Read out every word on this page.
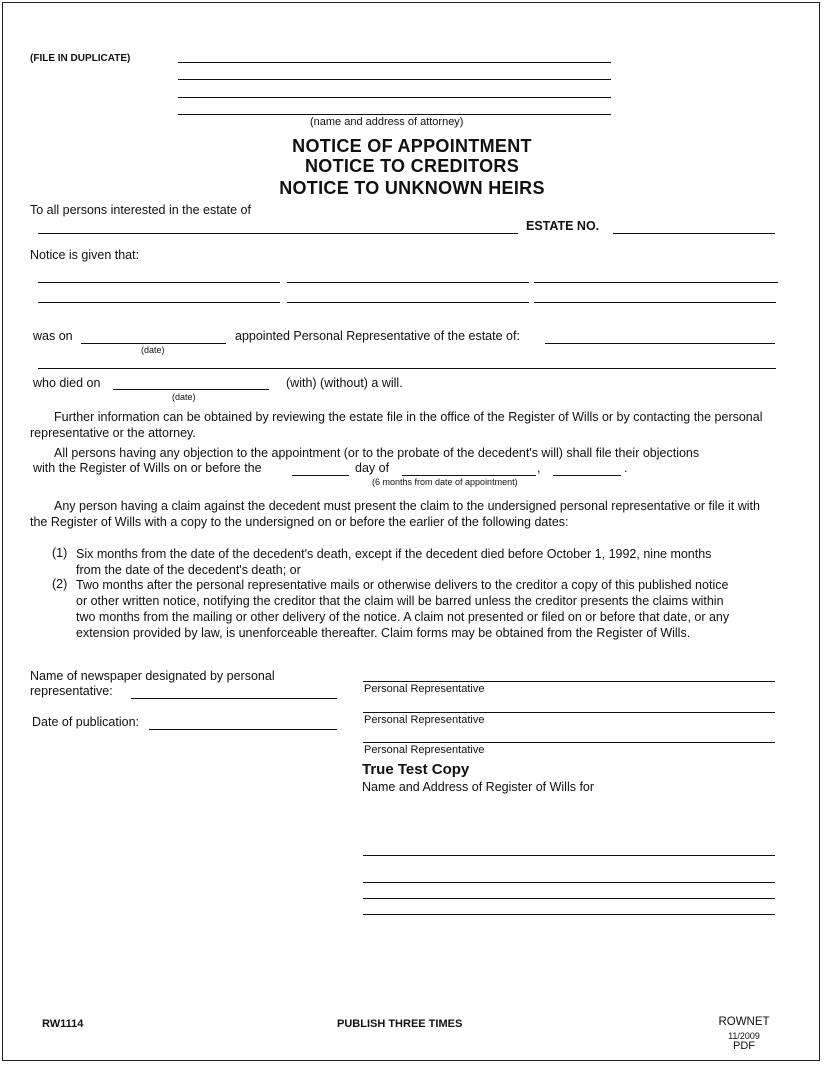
(FILE IN DUPLICATE)
(name and address of attorney)
NOTICE OF APPOINTMENT
NOTICE TO CREDITORS
NOTICE TO UNKNOWN HEIRS
To all persons interested in the estate of
ESTATE NO.
Notice is given that:
was on
(date)
appointed Personal Representative of the estate of:
who died on
(date)
(with) (without) a will.
Further information can be obtained by reviewing the estate file in the office of the Register of Wills or by contacting the personal representative or the attorney.
All persons having any objection to the appointment (or to the probate of the decedent's will) shall file their objections
with the Register of Wills on or before the	day of	,	.
(6 months from date of appointment)
Any person having a claim against the decedent must present the claim to the undersigned personal representative or file it with the Register of Wills with a copy to the undersigned on or before the earlier of the following dates:
(1) Six months from the date of the decedent's death, except if the decedent died before October 1, 1992, nine months from the date of the decedent's death; or
(2) Two months after the personal representative mails or otherwise delivers to the creditor a copy of this published notice or other written notice, notifying the creditor that the claim will be barred unless the creditor presents the claims within two months from the mailing or other delivery of the notice. A claim not presented or filed on or before that date, or any extension provided by law, is unenforceable thereafter. Claim forms may be obtained from the Register of Wills.
Name of newspaper designated by personal
representative:
Date of publication:
Personal Representative
Personal Representative
Personal Representative
True Test Copy
Name and Address of Register of Wills for
RW1114	PUBLISH THREE TIMES	ROWNET
11/2009
PDF
